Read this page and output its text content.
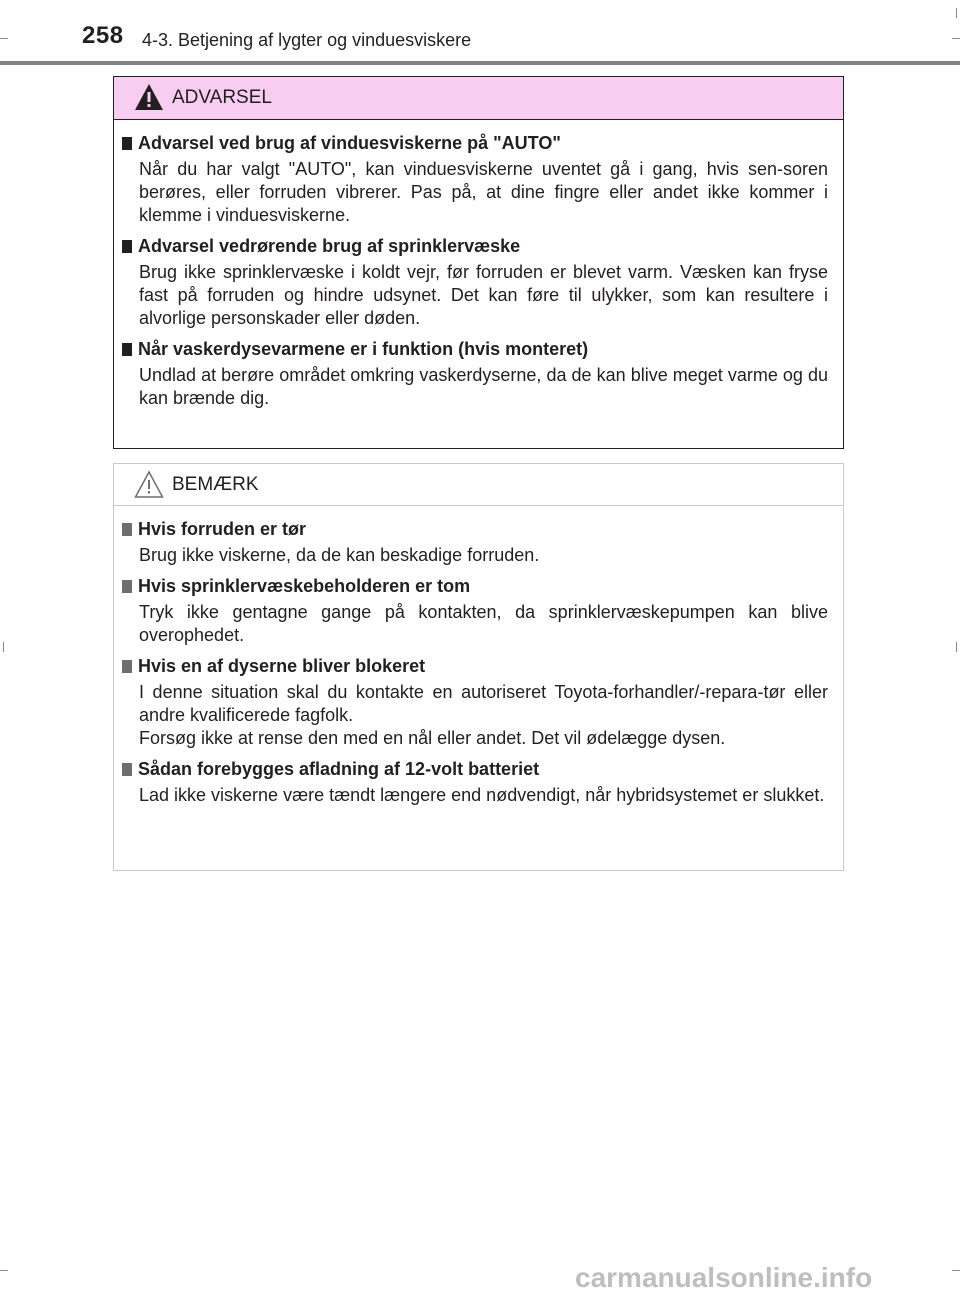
258 4-3. Betjening af lygter og vinduesviskere
ADVARSEL
Advarsel ved brug af vinduesviskerne på "AUTO"
Når du har valgt "AUTO", kan vinduesviskerne uventet gå i gang, hvis sen-soren berøres, eller forruden vibrerer. Pas på, at dine fingre eller andet ikke kommer i klemme i vinduesviskerne.
Advarsel vedrørende brug af sprinklervæske
Brug ikke sprinklervæske i koldt vejr, før forruden er blevet varm. Væsken kan fryse fast på forruden og hindre udsynet. Det kan føre til ulykker, som kan resultere i alvorlige personskader eller døden.
Når vaskerdysevarmene er i funktion (hvis monteret)
Undlad at berøre området omkring vaskerdyserne, da de kan blive meget varme og du kan brænde dig.
BEMÆRK
Hvis forruden er tør
Brug ikke viskerne, da de kan beskadige forruden.
Hvis sprinklervæskebeholderen er tom
Tryk ikke gentagne gange på kontakten, da sprinklervæskepumpen kan blive overophedet.
Hvis en af dyserne bliver blokeret
I denne situation skal du kontakte en autoriseret Toyota-forhandler/-repara-tør eller andre kvalificerede fagfolk.
Forsøg ikke at rense den med en nål eller andet. Det vil ødelægge dysen.
Sådan forebygges afladning af 12-volt batteriet
Lad ikke viskerne være tændt længere end nødvendigt, når hybridsystemet er slukket.
carmanualsonline.info
